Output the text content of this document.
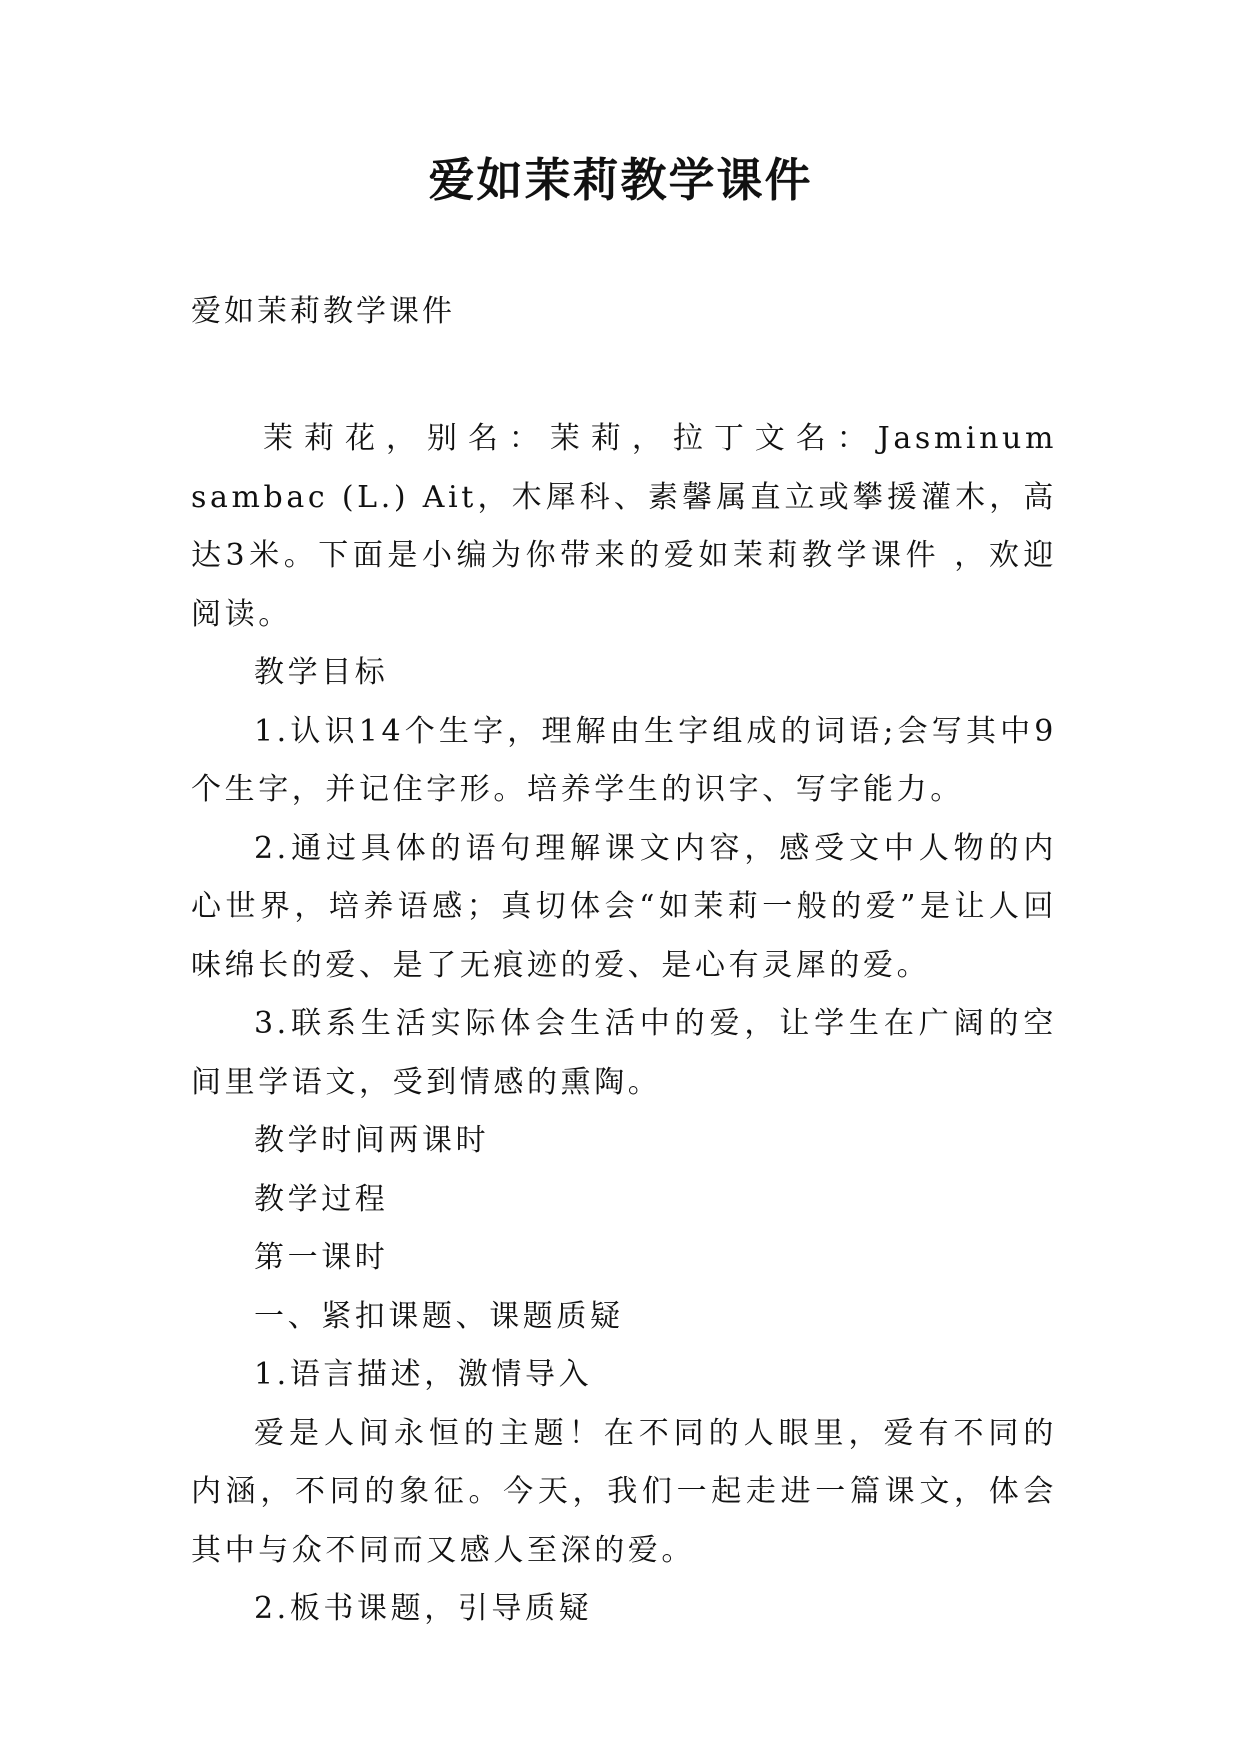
爱如茉莉教学课件
爱如茉莉教学课件

茉莉花，别名：茉莉，拉丁文名：Jasminum sambac (L.) Ait，木犀科、素馨属直立或攀援灌木，高达3米。下面是小编为你带来的爱如茉莉教学课件 ，欢迎阅读。

教学目标

1.认识14个生字，理解由生字组成的词语;会写其中9个生字，并记住字形。培养学生的识字、写字能力。

2.通过具体的语句理解课文内容，感受文中人物的内心世界，培养语感；真切体会“如茉莉一般的爱”是让人回味绵长的爱、是了无痕迹的爱、是心有灵犀的爱。

3.联系生活实际体会生活中的爱，让学生在广阔的空间里学语文，受到情感的熏陶。

教学时间两课时

教学过程

第一课时

一、紧扣课题、课题质疑

1.语言描述，激情导入

爱是人间永恒的主题！在不同的人眼里，爱有不同的内涵，不同的象征。今天，我们一起走进一篇课文，体会其中与众不同而又感人至深的爱。

2.板书课题，引导质疑
